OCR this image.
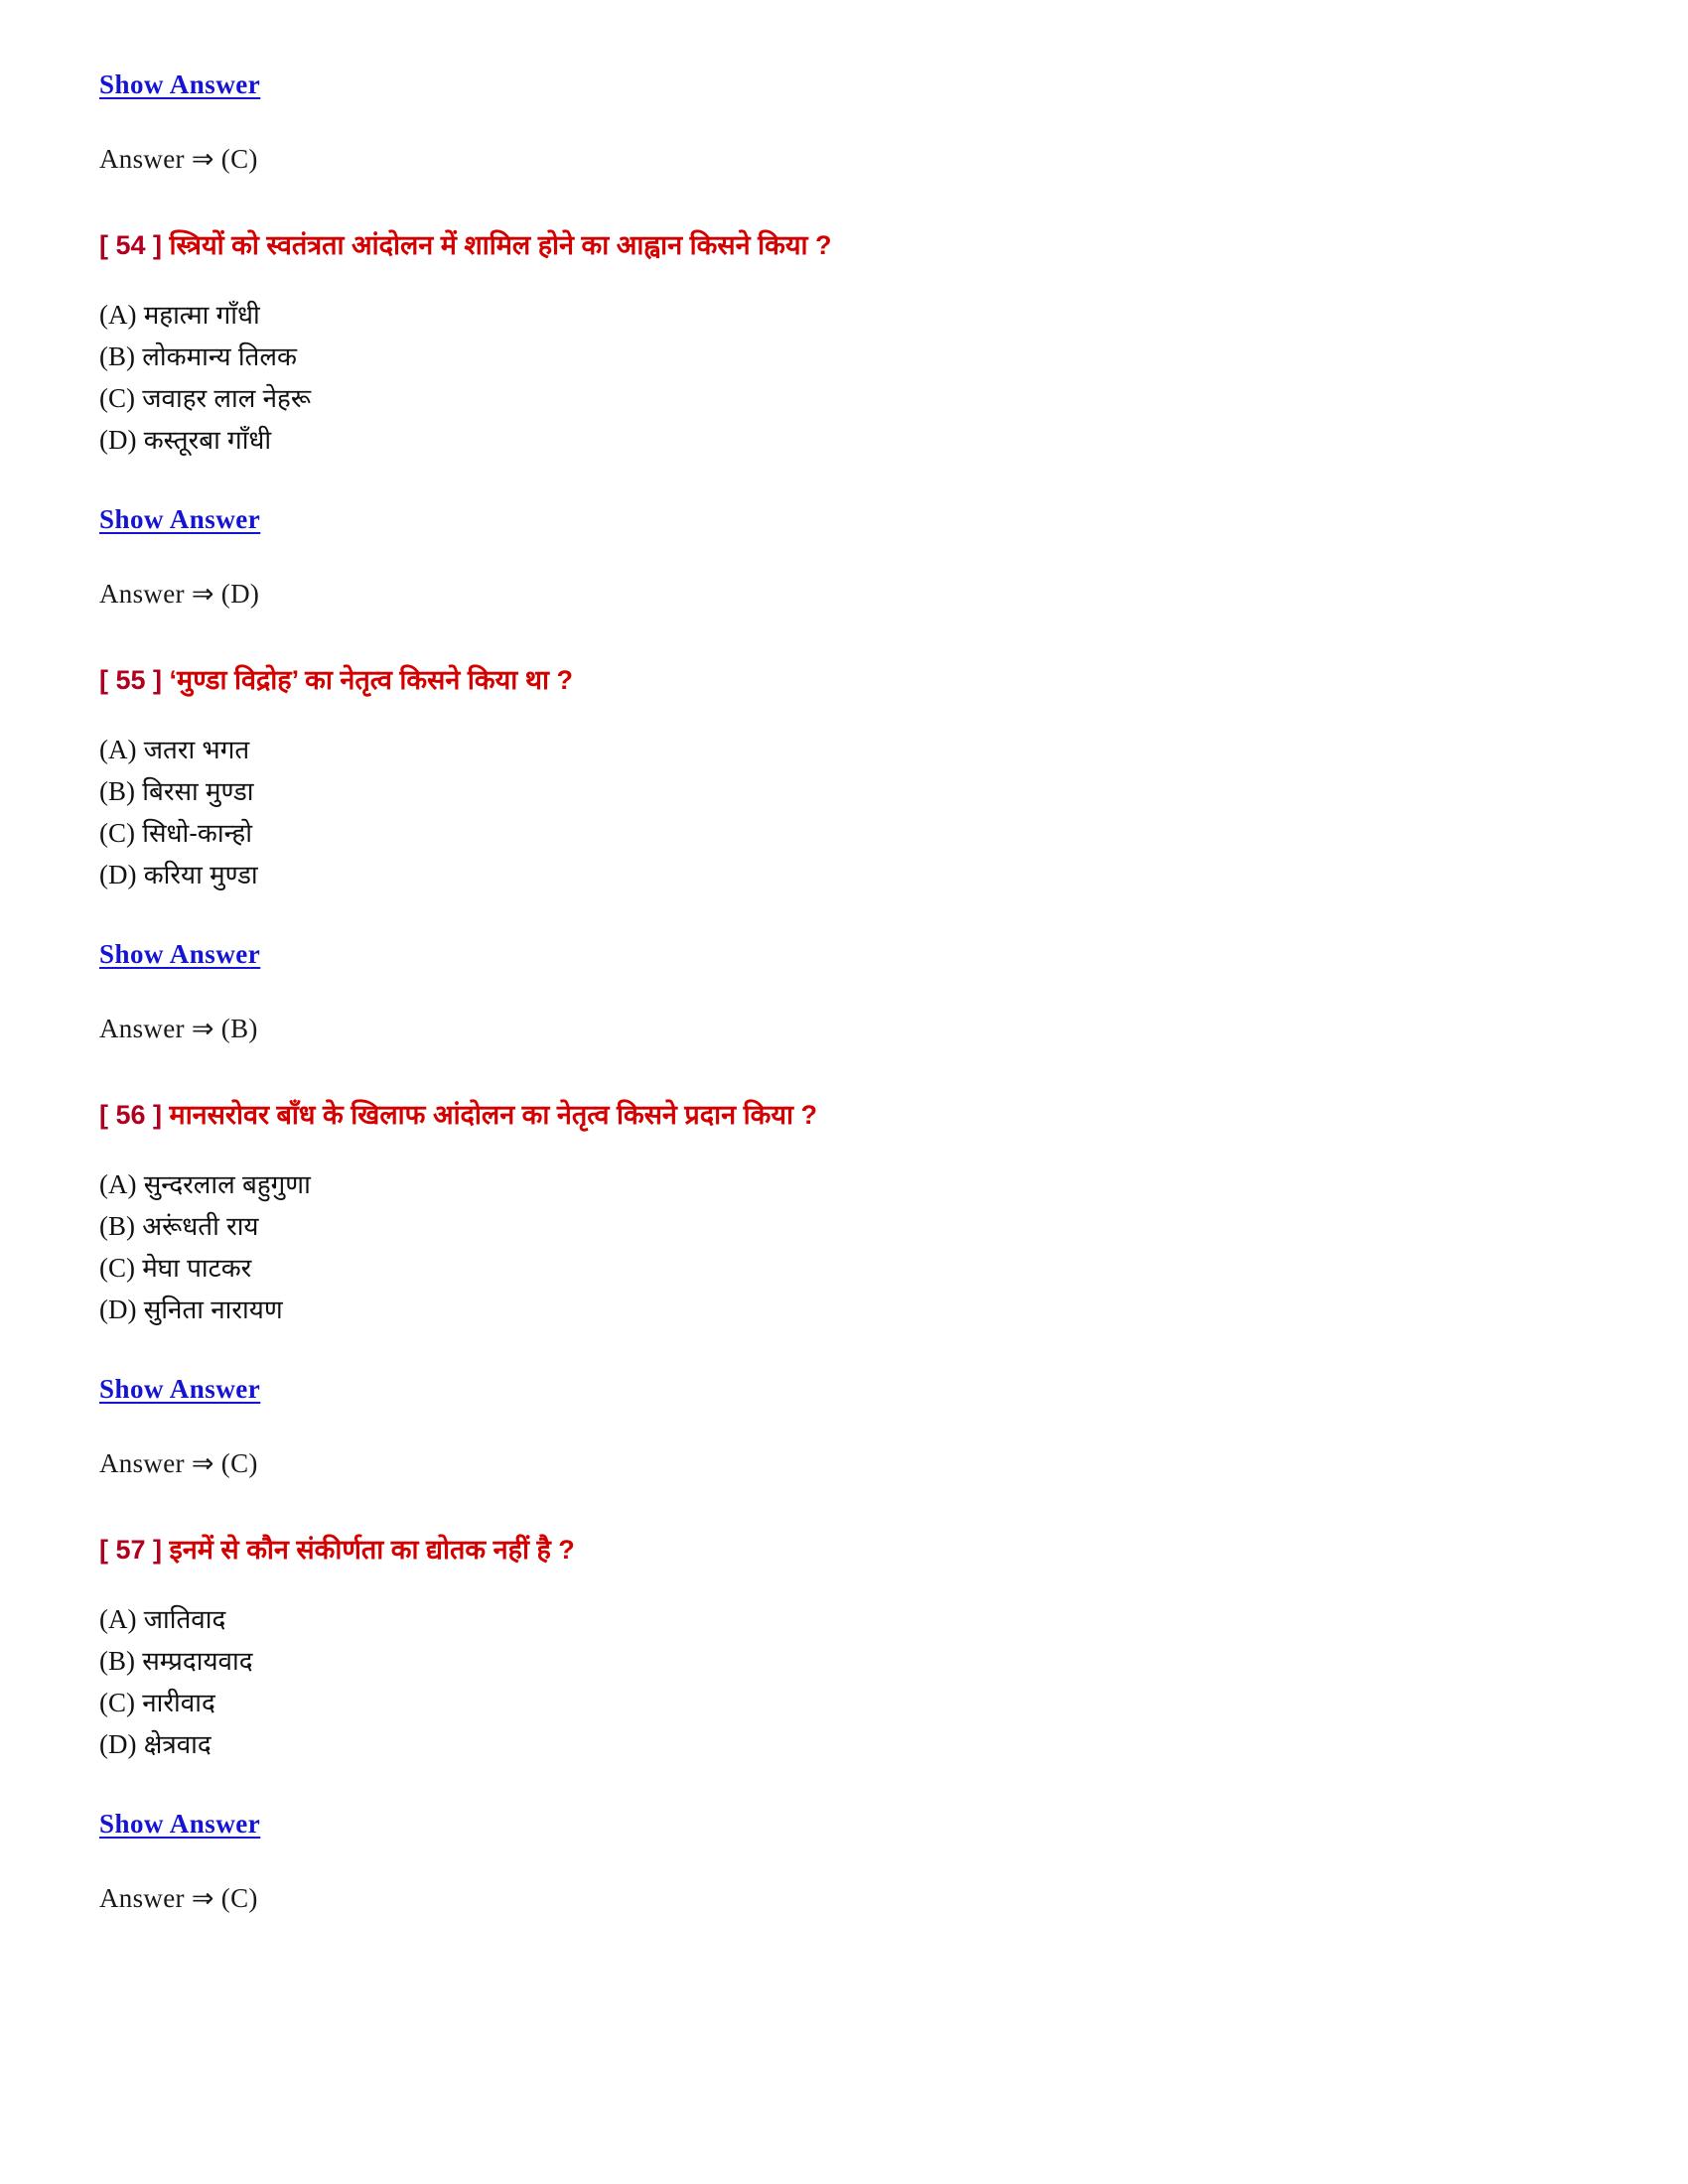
Show Answer
Answer ⇒ (C)
[ 54 ] स्त्रियों को स्वतंत्रता आंदोलन में शामिल होने का आह्वान किसने किया ?
(A) महात्मा गाँधी
(B) लोकमान्य तिलक
(C) जवाहर लाल नेहरू
(D) कस्तूरबा गाँधी
Show Answer
Answer ⇒ (D)
[ 55 ] ‘मुण्डा विद्रोह’ का नेतृत्व किसने किया था ?
(A) जतरा भगत
(B) बिरसा मुण्डा
(C) सिधो-कान्हो
(D) करिया मुण्डा
Show Answer
Answer ⇒ (B)
[ 56 ] मानसरोवर बाँध के खिलाफ आंदोलन का नेतृत्व किसने प्रदान किया ?
(A) सुन्दरलाल बहुगुणा
(B) अरूंधती राय
(C) मेघा पाटकर
(D) सुनिता नारायण
Show Answer
Answer ⇒ (C)
[ 57 ] इनमें से कौन संकीर्णता का द्योतक नहीं है ?
(A) जातिवाद
(B) सम्प्रदायवाद
(C) नारीवाद
(D) क्षेत्रवाद
Show Answer
Answer ⇒ (C)
